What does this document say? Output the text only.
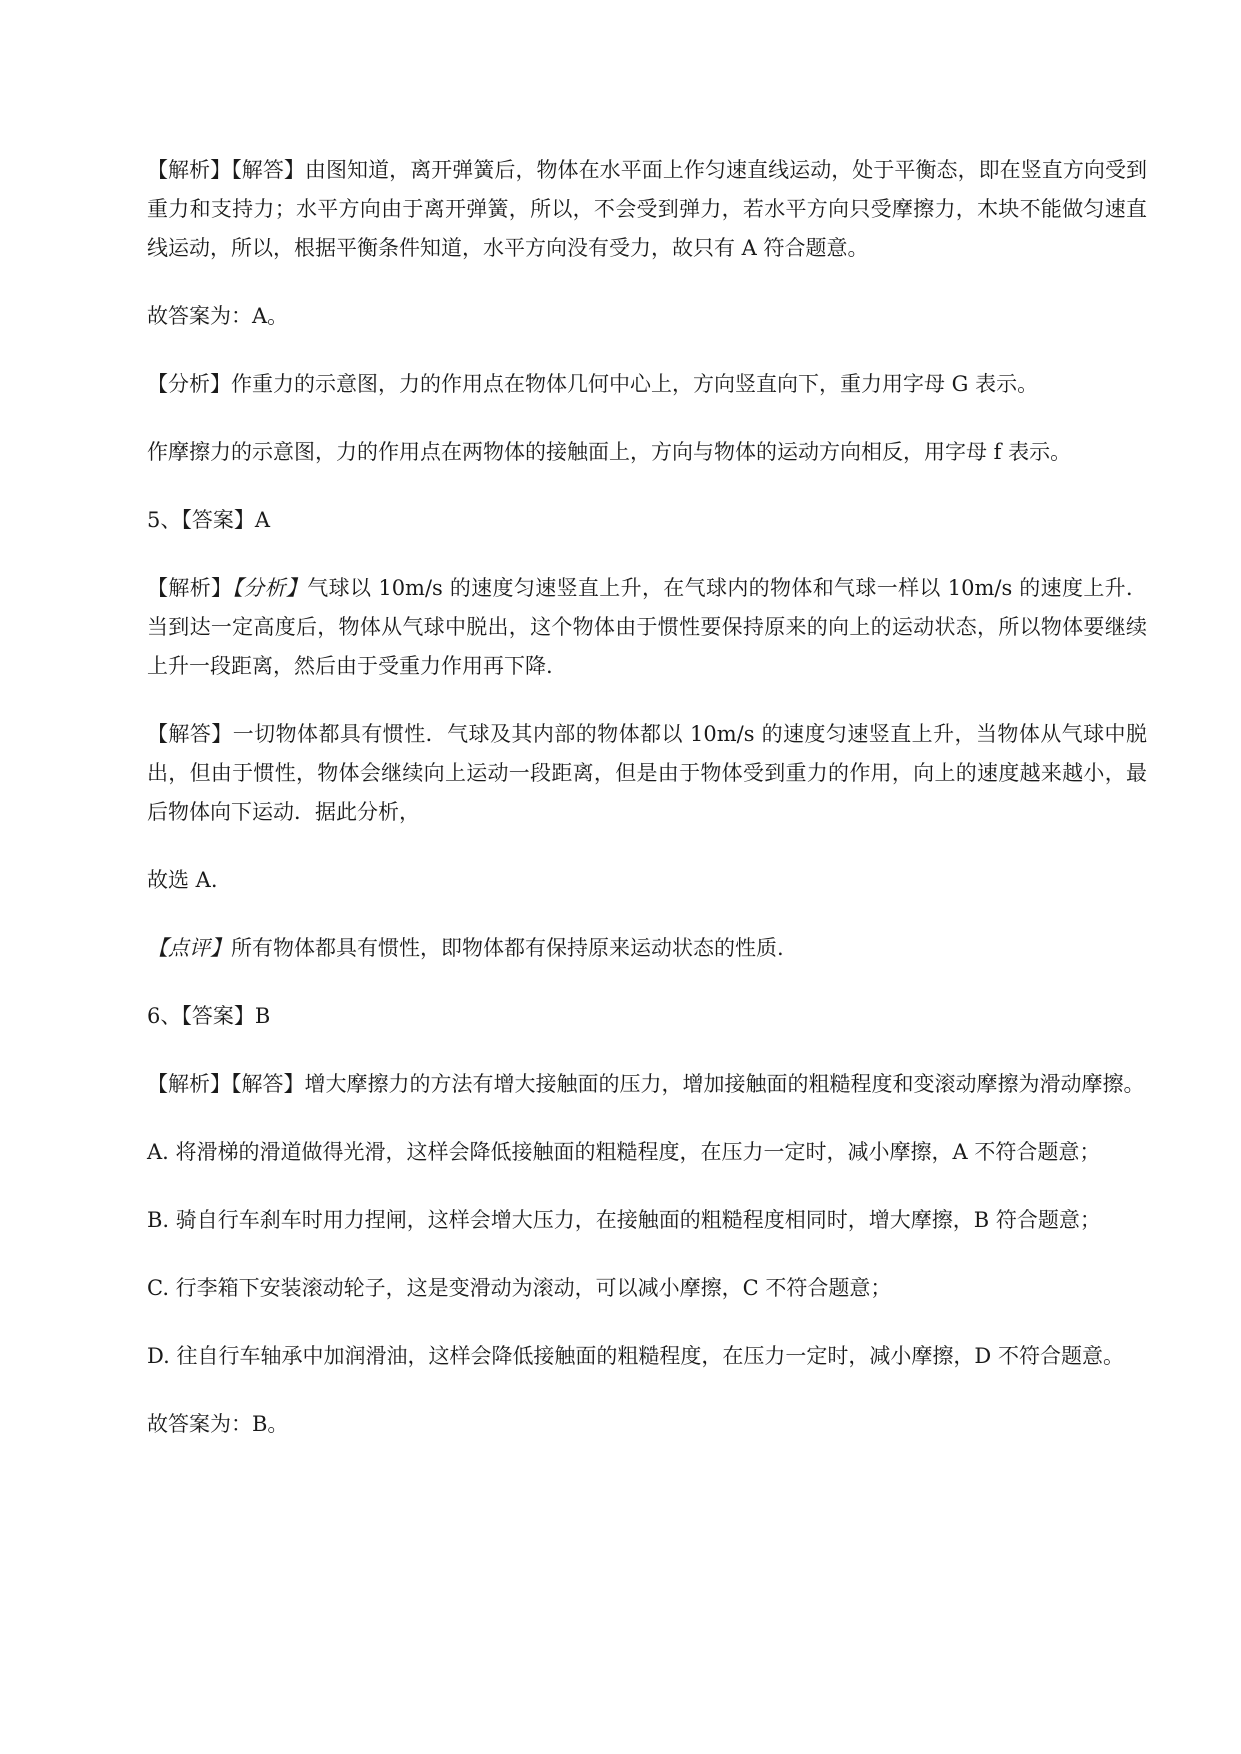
【解析】【解答】由图知道，离开弹簧后，物体在水平面上作匀速直线运动，处于平衡态，即在竖直方向受到重力和支持力；水平方向由于离开弹簧，所以，不会受到弹力，若水平方向只受摩擦力，木块不能做匀速直线运动，所以，根据平衡条件知道，水平方向没有受力，故只有 A 符合题意。

故答案为：A。

【分析】作重力的示意图，力的作用点在物体几何中心上，方向竖直向下，重力用字母 G 表示。

作摩擦力的示意图，力的作用点在两物体的接触面上，方向与物体的运动方向相反，用字母 f 表示。

5、【答案】A

【解析】【分析】气球以 10m/s 的速度匀速竖直上升，在气球内的物体和气球一样以 10m/s 的速度上升．当到达一定高度后，物体从气球中脱出，这个物体由于惯性要保持原来的向上的运动状态，所以物体要继续上升一段距离，然后由于受重力作用再下降.

【解答】一切物体都具有惯性．气球及其内部的物体都以 10m/s 的速度匀速竖直上升，当物体从气球中脱出，但由于惯性，物体会继续向上运动一段距离，但是由于物体受到重力的作用，向上的速度越来越小，最后物体向下运动．据此分析，

故选 A.

【点评】所有物体都具有惯性，即物体都有保持原来运动状态的性质.

6、【答案】B

【解析】【解答】增大摩擦力的方法有增大接触面的压力，增加接触面的粗糙程度和变滚动摩擦为滑动摩擦。

A. 将滑梯的滑道做得光滑，这样会降低接触面的粗糙程度，在压力一定时，减小摩擦，A 不符合题意；

B. 骑自行车刹车时用力捏闸，这样会增大压力，在接触面的粗糙程度相同时，增大摩擦，B 符合题意；

C. 行李箱下安装滚动轮子，这是变滑动为滚动，可以减小摩擦，C 不符合题意；

D. 往自行车轴承中加润滑油，这样会降低接触面的粗糙程度，在压力一定时，减小摩擦，D 不符合题意。

故答案为：B。
